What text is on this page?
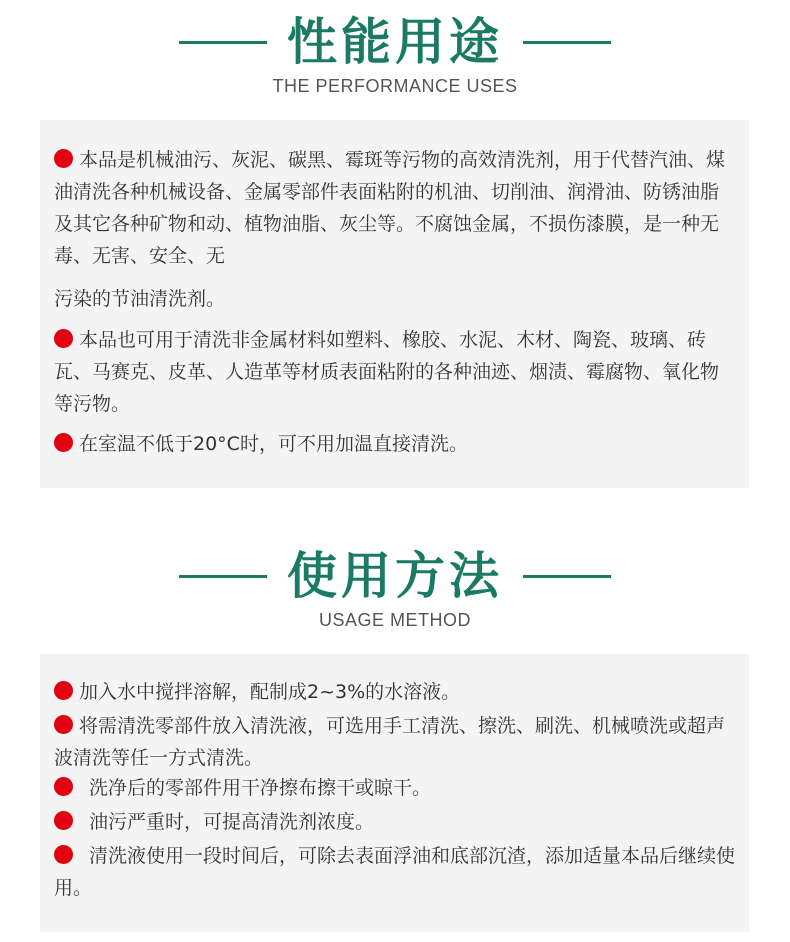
性能用途
THE PERFORMANCE USES

本品是机械油污、灰泥、碳黑、霉斑等污物的高效清洗剂，用于代替汽油、煤油清洗各种机械设备、金属零部件表面粘附的机油、切削油、润滑油、防锈油脂及其它各种矿物和动、植物油脂、灰尘等。不腐蚀金属，不损伤漆膜，是一种无毒、无害、安全、无

污染的节油清洗剂。

本品也可用于清洗非金属材料如塑料、橡胶、水泥、木材、陶瓷、玻璃、砖瓦、马赛克、皮革、人造革等材质表面粘附的各种油迹、烟渍、霉腐物、氧化物等污物。

在室温不低于20°C时，可不用加温直接清洗。

使用方法
USAGE METHOD

加入水中搅拌溶解，配制成2~3%的水溶液。

将需清洗零部件放入清洗液，可选用手工清洗、擦洗、刷洗、机械喷洗或超声波清洗等任一方式清洗。

洗净后的零部件用干净擦布擦干或晾干。

油污严重时，可提高清洗剂浓度。

清洗液使用一段时间后，可除去表面浮油和底部沉渣，添加适量本品后继续使用。
